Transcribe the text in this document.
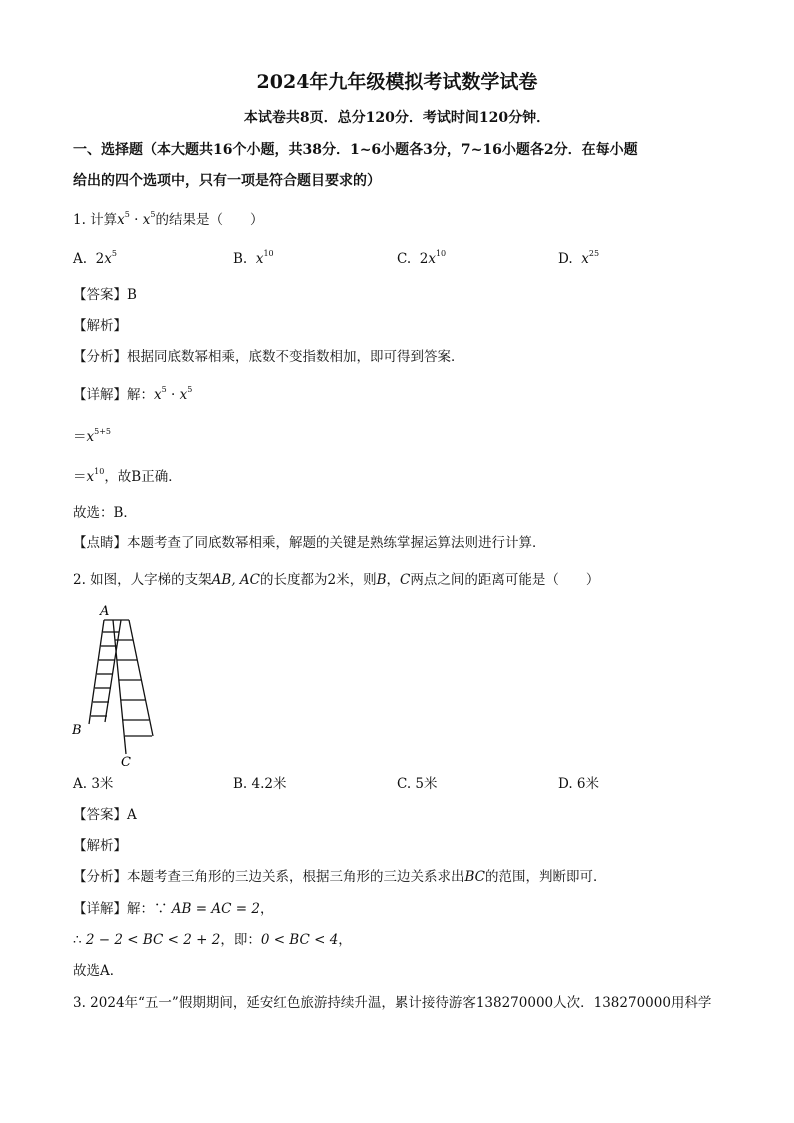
2024年九年级模拟考试数学试卷
本试卷共8页．总分120分．考试时间120分钟．
一、选择题（本大题共16个小题，共38分．1~6小题各3分，7~16小题各2分．在每小题
给出的四个选项中，只有一项是符合题目要求的）
1. 计算$x^5 \cdot x^5$的结果是（　　）
A. $2x^5$	B. $x^{10}$	C. $2x^{10}$	D. $x^{25}$
【答案】B
【解析】
【分析】根据同底数幂相乘，底数不变指数相加，即可得到答案．
【详解】解：$x^5 \cdot x^5$
$=x^{5+5}$
$=x^{10}$，故B正确．
故选：B．
【点睛】本题考查了同底数幂相乘，解题的关键是熟练掌握运算法则进行计算．
2. 如图，人字梯的支架AB, AC的长度都为2米，则B，C两点之间的距离可能是（　　）
A
B
C
A. 3米	B. 4.2米	C. 5米	D. 6米
【答案】A
【解析】
【分析】本题考查三角形的三边关系，根据三角形的三边关系求出BC的范围，判断即可．
【详解】解：∵ AB = AC = 2，
∴ 2 − 2 < BC < 2 + 2，即：0 < BC < 4，
故选A．
3. 2024年“五一”假期期间，延安红色旅游持续升温，累计接待游客138270000人次．138270000用科学
